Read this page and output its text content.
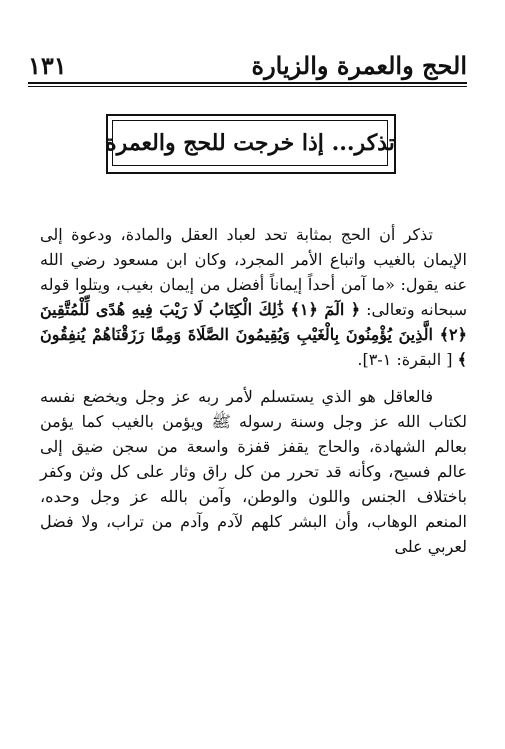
الحج والعمرة والزيارة
١٣١
تذكر... إذا خرجت للحج والعمرة

تذكر أن الحج بمثابة تحد لعباد العقل والمادة، ودعوة إلى الإيمان بالغيب واتباع الأمر المجرد، وكان ابن مسعود رضي الله عنه يقول: «ما آمن أحداً إيماناً أفضل من إيمان بغيب، ويتلوا قوله سبحانه وتعالى: ﴿ الٓمٓ ﴿١﴾ ذَٰلِكَ الْكِتَابُ لَا رَيْبَ فِيهِ هُدًى لِّلْمُتَّقِينَ ﴿٢﴾ الَّذِينَ يُؤْمِنُونَ بِالْغَيْبِ وَيُقِيمُونَ الصَّلَاةَ وَمِمَّا رَزَقْنَاهُمْ يُنفِقُونَ ﴾ [ البقرة: ١-٣].

فالعاقل هو الذي يستسلم لأمر ربه عز وجل ويخضع نفسه لكتاب الله عز وجل وسنة رسوله ﷺ ويؤمن بالغيب كما يؤمن بعالم الشهادة، والحاج يقفز قفزة واسعة من سجن ضيق إلى عالم فسيح، وكأنه قد تحرر من كل راق وثار على كل وثن وكفر باختلاف الجنس واللون والوطن، وآمن بالله عز وجل وحده، المنعم الوهاب، وأن البشر كلهم لآدم وآدم من تراب، ولا فضل لعربي على
